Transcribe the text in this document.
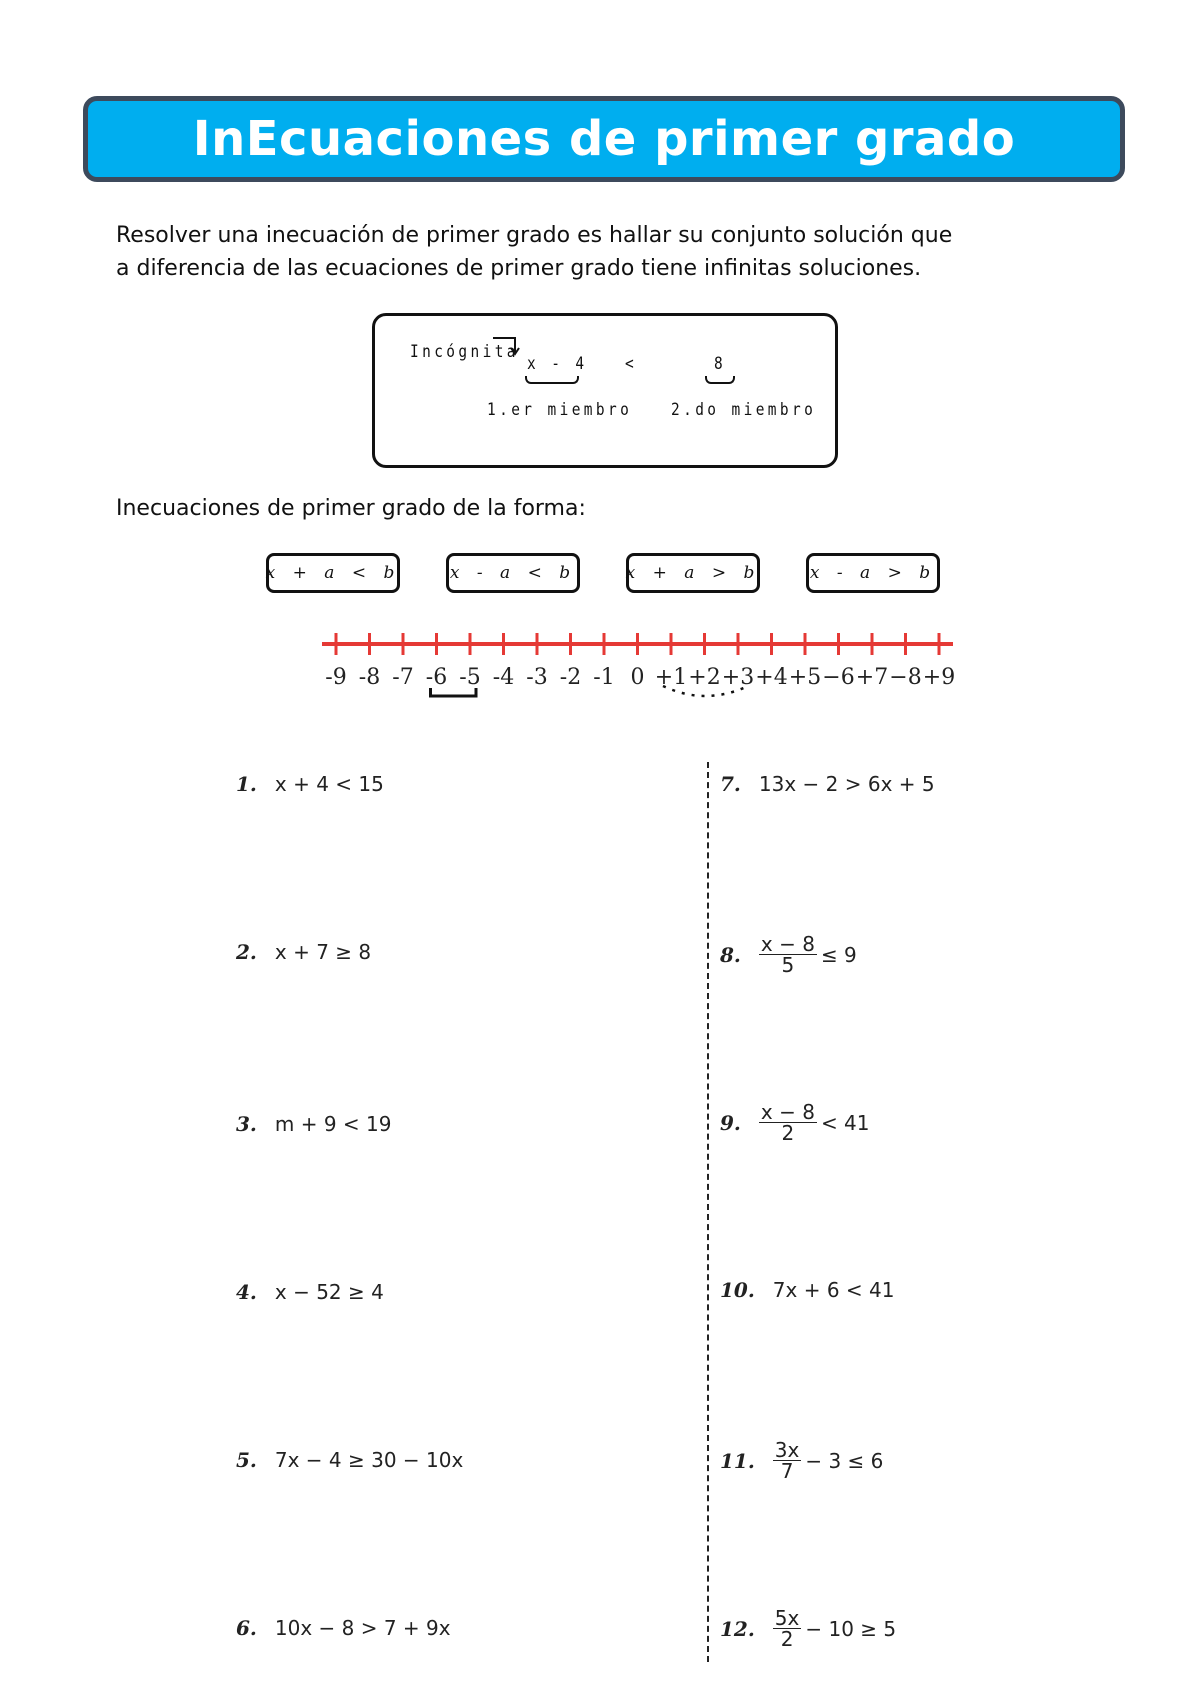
InEcuaciones de primer grado
Resolver una inecuación de primer grado es hallar su conjunto solución que
a diferencia de las ecuaciones de primer grado tiene infinitas soluciones.
Incógnita
x - 4 <	8
1.er miembro 2.do miembro
Inecuaciones de primer grado de la forma:
x + a < b	x - a < b	x + a > b	x - a > b
-9 -8 -7 -6 -5 -4 -3 -2 -1 0 +1 +2 +3 +4 +5 −6 +7 −8 +9
1. x + 4 < 15
2. x + 7 ≥ 8
3. m + 9 < 19
4. x − 52 ≥ 4
5. 7x − 4 ≥ 30 − 10x
6. 10x − 8 > 7 + 9x
7. 13x − 2 > 6x + 5
8. $\frac{x - 8}{5} \le 9$
9. $\frac{x - 8}{2} < 41$
10. 7x + 6 < 41
11. $\frac{3x}{7} - 3 \le 6$
12. $\frac{5x}{2} - 10 \ge 5$
